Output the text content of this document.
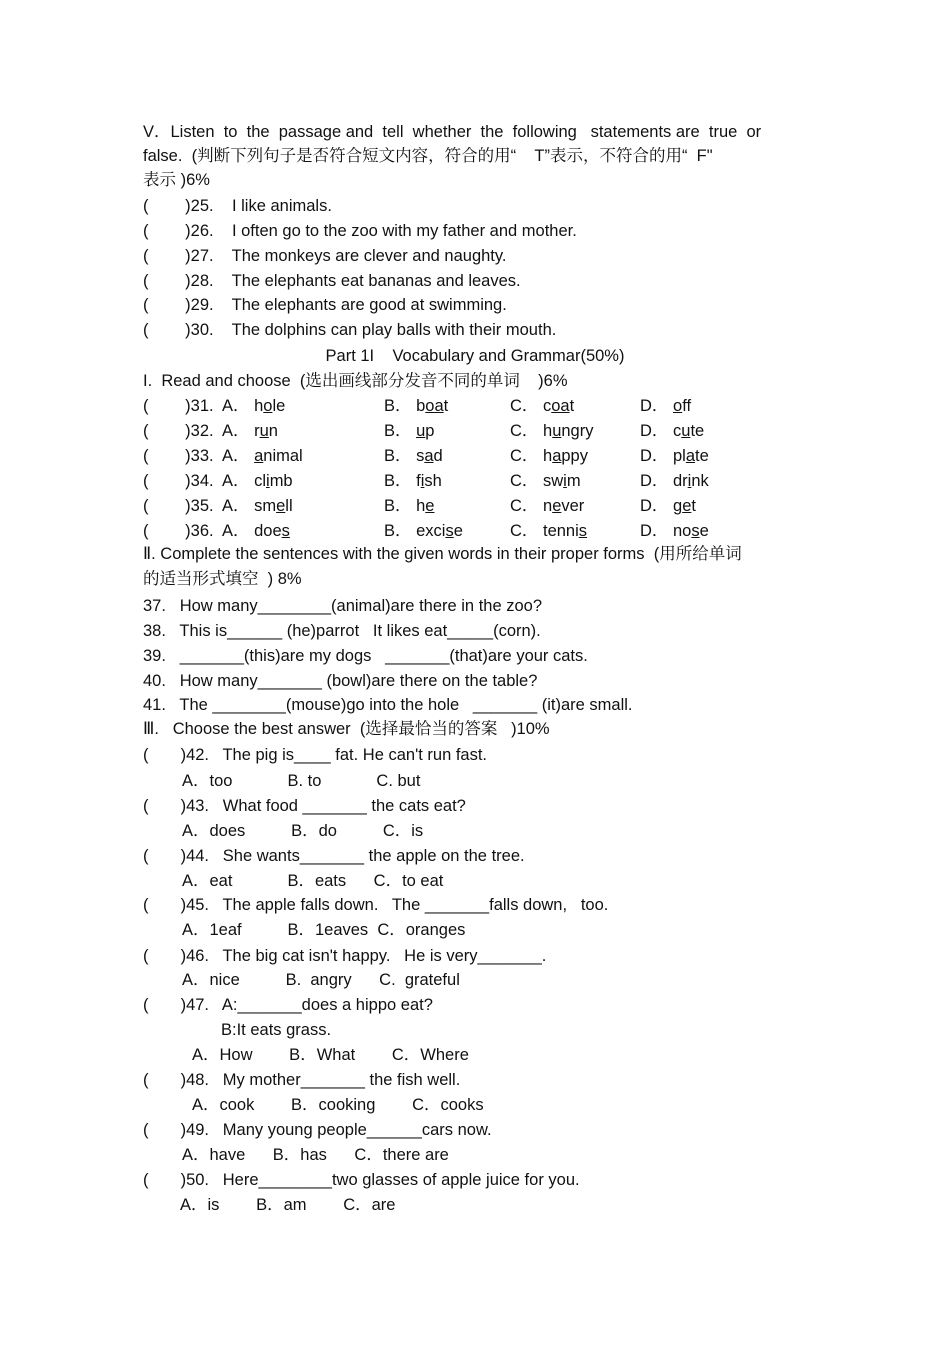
V．Listen  to  the  passage and  tell  whether  the  following   statements are  true  or
false.  (判断下列句子是否符合短文内容，符合的用“    T”表示，不符合的用“  F"
表示 )6%
(        )25. I like animals.
(        )26. I often go to the zoo with my father and mother.
(        )27. The monkeys are clever and naughty.
(        )28. The elephants eat bananas and leaves.
(        )29. The elephants are good at swimming.
(        )30. The dolphins can play balls with their mouth.
Part 1I    Vocabulary and Grammar(50%)
I.  Read and choose  (选出画线部分发音不同的单词    )6%
(        )31. A． hole	B． boat	C． coat	D． off
(        )32. A． run	B． up	C． hungry	D． cute
(        )33. A． animal	B． sad	C． happy	D． plate
(        )34. A． climb	B． fish	C． swim	D． drink
(        )35. A． smell	B． he	C． never	D． get
(        )36. A． does	B． excise	C． tennis	D． nose
Ⅱ. Complete the sentences with the given words in their proper forms  (用所给单词
的适当形式填空  ) 8%
37.   How many________(animal)are there in the zoo?
38.   This is______ (he)parrot   It likes eat_____(corn).
39.   _______(this)are my dogs   _______(that)are your cats.
40.   How many_______ (bowl)are there on the table?
41.   The ________(mouse)go into the hole   _______ (it)are small.
Ⅲ.   Choose the best answer  (选择最恰当的答案   )10%
(       )42.   The pig is____ fat. He can't run fast.
A．too            B. to            C. but
(       )43.   What food _______ the cats eat?
A．does          B．do          C．is
(       )44.   She wants_______ the apple on the tree.
A．eat            B．eats      C．to eat
(       )45.   The apple falls down.   The _______falls down,   too.
A．1eaf          B．1eaves  C．oranges
(       )46.   The big cat isn't happy.   He is very_______.
A．nice          B.  angry      C.  grateful
(       )47.   A:_______does a hippo eat?
B:It eats grass.
A．How        B．What        C．Where
(       )48.   My mother_______ the fish well.
A．cook        B．cooking        C．cooks
(       )49.   Many young people______cars now.
A．have      B．has      C．there are
(       )50.   Here________two glasses of apple juice for you.
A．is        B．am        C．are
